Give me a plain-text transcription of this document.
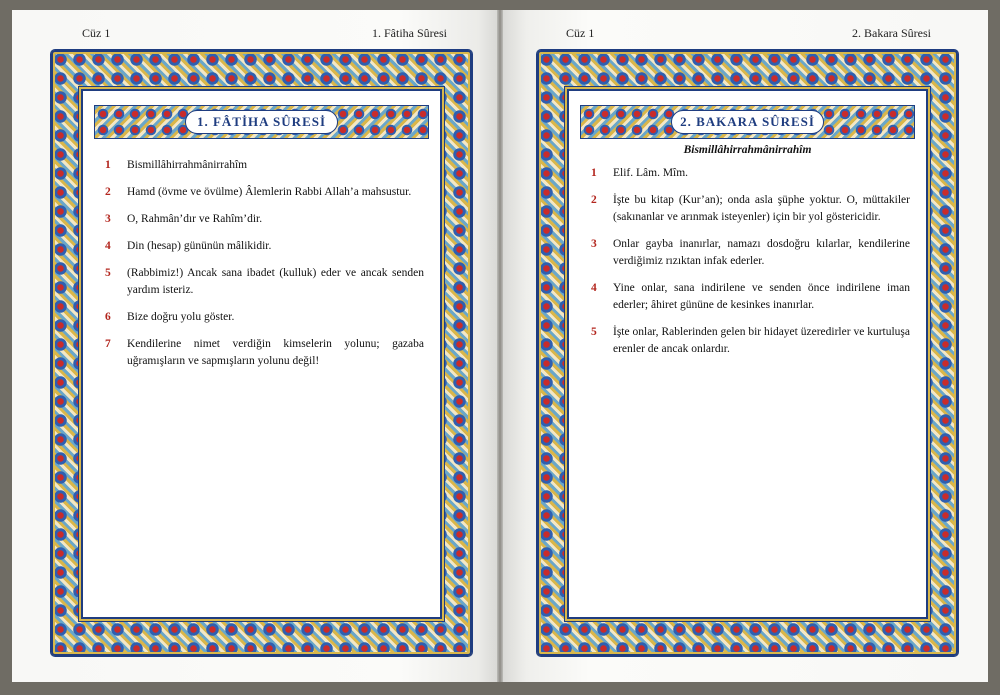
Cüz 1	1. Fâtiha Sûresi	Cüz 1	2. Bakara Sûresi
1. FÂTİHA SÛRESİ
1 Bismillâhirrahmânirrahîm
2 Hamd (övme ve övülme) Âlemlerin Rabbi Allah’a mahsustur.
3 O, Rahmân’dır ve Rahîm’dir.
4 Din (hesap) gününün mâlikidir.
5 (Rabbimiz!) Ancak sana ibadet (kulluk) eder ve ancak senden yardım isteriz.
6 Bize doğru yolu göster.
7 Kendilerine nimet verdiğin kimselerin yolunu; gazaba uğramışların ve sapmışların yolunu değil!
2. BAKARA SÛRESİ
Bismillâhirrahmânirrahîm
1 Elif. Lâm. Mîm.
2 İşte bu kitap (Kur’an); onda asla şüphe yoktur. O, müttakiler (sakınanlar ve arınmak isteyenler) için bir yol göstericidir.
3 Onlar gayba inanırlar, namazı dosdoğru kılarlar, kendilerine verdiğimiz rızıktan infak ederler.
4 Yine onlar, sana indirilene ve senden önce indirilene iman ederler; âhiret gününe de kesinkes inanırlar.
5 İşte onlar, Rablerinden gelen bir hidayet üzeredirler ve kurtuluşa erenler de ancak onlardır.
